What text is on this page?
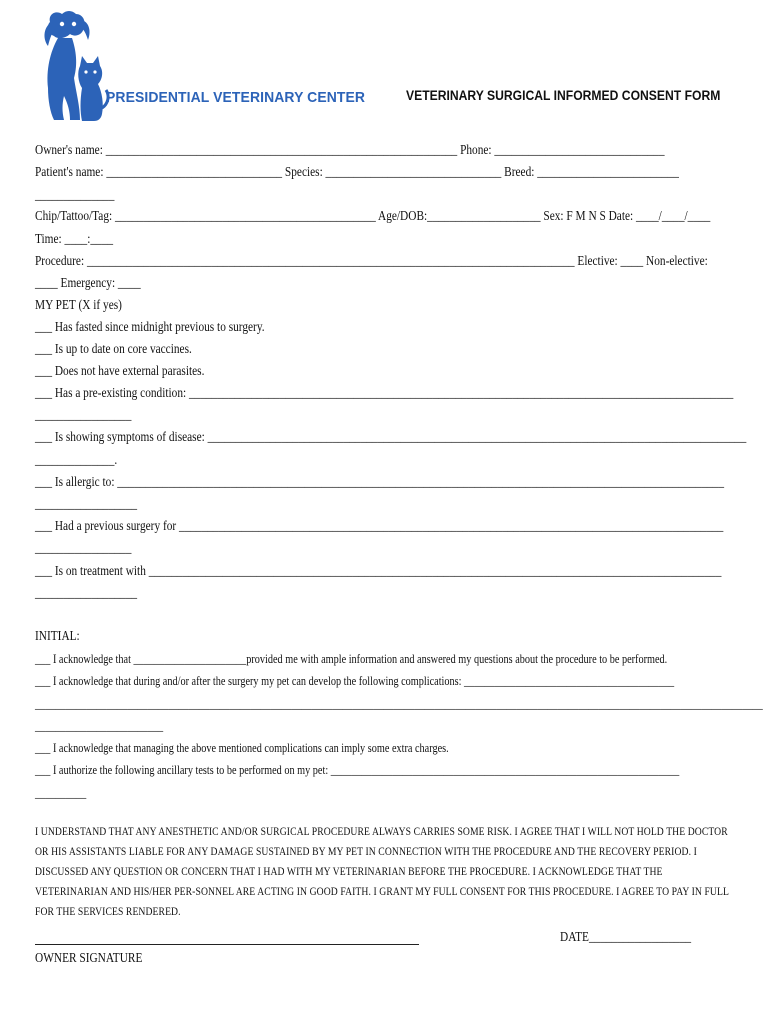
PRESIDENTIAL VETERINARY CENTER	VETERINARY SURGICAL INFORMED CONSENT FORM
Owner's name: ______________________________________________________________ Phone: ______________________________
Patient's name: _______________________________ Species: _______________________________ Breed: _________________________
______________
Chip/Tattoo/Tag: ______________________________________________ Age/DOB:____________________ Sex: F M N S Date: ____/____/____
Time: ____:____
Procedure: ______________________________________________________________________________________ Elective: ____ Non-elective:
____ Emergency: ____
MY PET (X if yes)
___ Has fasted since midnight previous to surgery.
___ Is up to date on core vaccines.
___ Does not have external parasites.
___ Has a pre-existing condition: ________________________________________________________________________________________________
_________________
___ Is showing symptoms of disease: _______________________________________________________________________________________________
______________.
___ Is allergic to: ___________________________________________________________________________________________________________
__________________
___ Had a previous surgery for ________________________________________________________________________________________________
_________________
___ Is on treatment with _____________________________________________________________________________________________________
__________________
INITIAL:
___ I acknowledge that ______________________provided me with ample information and answered my questions about the procedure to be performed.
___ I acknowledge that during and/or after the surgery my pet can develop the following complications: _________________________________________
______________________________________________________________________________________________________________________________________________
_________________________
___ I acknowledge that managing the above mentioned complications can imply some extra charges.
___ I authorize the following ancillary tests to be performed on my pet: ____________________________________________________________________
__________
I UNDERSTAND THAT ANY ANESTHETIC AND/OR SURGICAL PROCEDURE ALWAYS CARRIES SOME RISK. I AGREE THAT I WILL NOT HOLD THE DOCTOR OR HIS ASSISTANTS LIABLE FOR ANY DAMAGE SUSTAINED BY MY PET IN CONNECTION WITH THE PROCEDURE AND THE RECOVERY PERIOD. I DISCUSSED ANY QUESTION OR CONCERN THAT I HAD WITH MY VETERINARIAN BEFORE THE PROCEDURE. I ACKNOWLEDGE THAT THE VETERINARIAN AND HIS/HER PER-SONNEL ARE ACTING IN GOOD FAITH. I GRANT MY FULL CONSENT FOR THIS PROCEDURE. I AGREE TO PAY IN FULL FOR THE SERVICES RENDERED.
DATE__________________
OWNER SIGNATURE
